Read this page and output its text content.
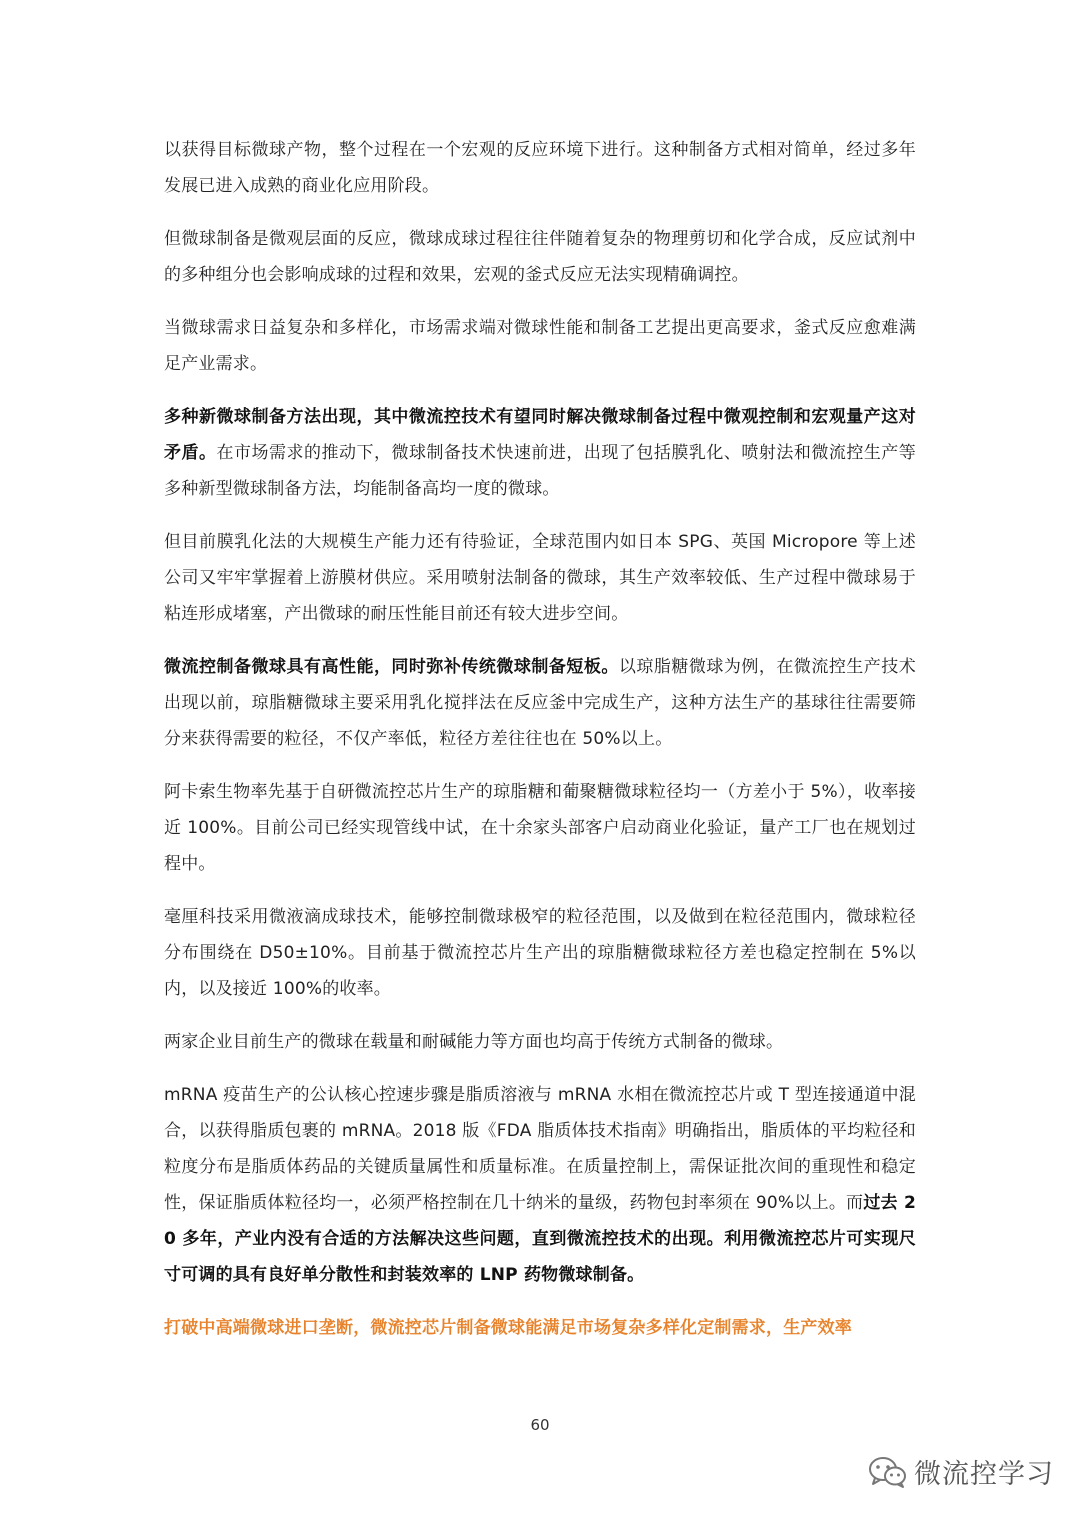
以获得目标微球产物，整个过程在一个宏观的反应环境下进行。这种制备方式相对简单，经过多年发展已进入成熟的商业化应用阶段。

但微球制备是微观层面的反应，微球成球过程往往伴随着复杂的物理剪切和化学合成，反应试剂中的多种组分也会影响成球的过程和效果，宏观的釜式反应无法实现精确调控。

当微球需求日益复杂和多样化，市场需求端对微球性能和制备工艺提出更高要求，釜式反应愈难满足产业需求。

多种新微球制备方法出现，其中微流控技术有望同时解决微球制备过程中微观控制和宏观量产这对矛盾。在市场需求的推动下，微球制备技术快速前进，出现了包括膜乳化、喷射法和微流控生产等多种新型微球制备方法，均能制备高均一度的微球。

但目前膜乳化法的大规模生产能力还有待验证，全球范围内如日本 SPG、英国 Micropore 等上述公司又牢牢掌握着上游膜材供应。采用喷射法制备的微球，其生产效率较低、生产过程中微球易于粘连形成堵塞，产出微球的耐压性能目前还有较大进步空间。

微流控制备微球具有高性能，同时弥补传统微球制备短板。以琼脂糖微球为例，在微流控生产技术出现以前，琼脂糖微球主要采用乳化搅拌法在反应釜中完成生产，这种方法生产的基球往往需要筛分来获得需要的粒径，不仅产率低，粒径方差往往也在 50%以上。

阿卡索生物率先基于自研微流控芯片生产的琼脂糖和葡聚糖微球粒径均一（方差小于 5%），收率接近 100%。目前公司已经实现管线中试，在十余家头部客户启动商业化验证，量产工厂也在规划过程中。

毫厘科技采用微液滴成球技术，能够控制微球极窄的粒径范围，以及做到在粒径范围内，微球粒径分布围绕在 D50±10%。目前基于微流控芯片生产出的琼脂糖微球粒径方差也稳定控制在 5%以内，以及接近 100%的收率。

两家企业目前生产的微球在载量和耐碱能力等方面也均高于传统方式制备的微球。

mRNA 疫苗生产的公认核心控速步骤是脂质溶液与 mRNA 水相在微流控芯片或 T 型连接通道中混合，以获得脂质包裹的 mRNA。2018 版《FDA 脂质体技术指南》明确指出，脂质体的平均粒径和粒度分布是脂质体药品的关键质量属性和质量标准。在质量控制上，需保证批次间的重现性和稳定性，保证脂质体粒径均一，必须严格控制在几十纳米的量级，药物包封率须在 90%以上。而过去 20 多年，产业内没有合适的方法解决这些问题，直到微流控技术的出现。利用微流控芯片可实现尺寸可调的具有良好单分散性和封装效率的 LNP 药物微球制备。

打破中高端微球进口垄断，微流控芯片制备微球能满足市场复杂多样化定制需求，生产效率

60
微流控学习
